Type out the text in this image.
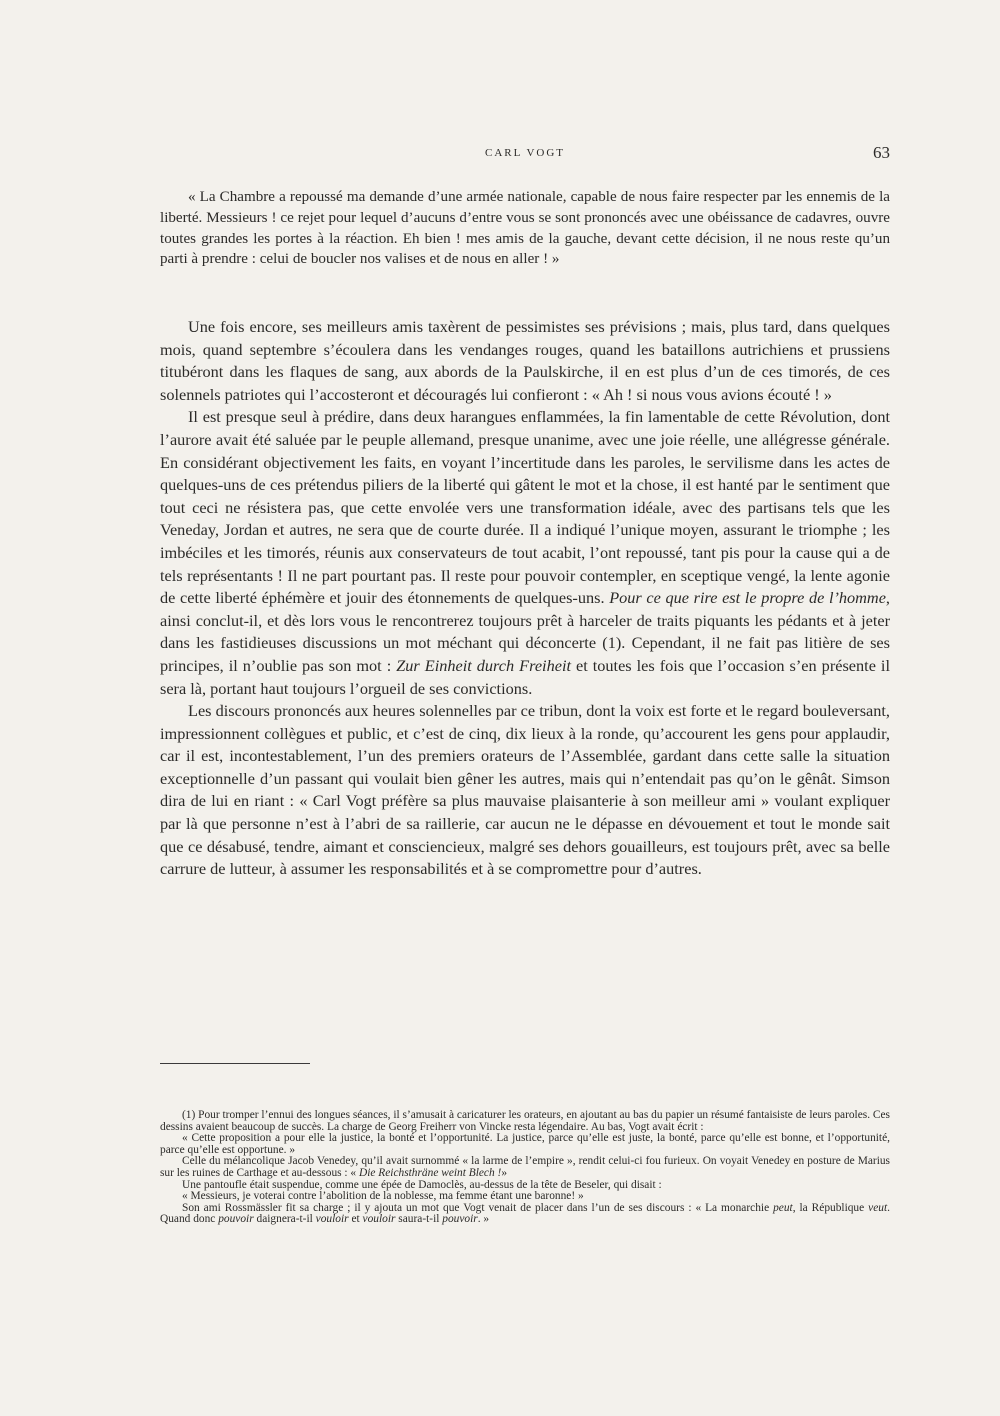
CARL VOGT	63

« La Chambre a repoussé ma demande d’une armée nationale, capable de nous faire respecter par les ennemis de la liberté. Messieurs ! ce rejet pour lequel d’aucuns d’entre vous se sont prononcés avec une obéissance de cadavres, ouvre toutes grandes les portes à la réaction. Eh bien ! mes amis de la gauche, devant cette décision, il ne nous reste qu’un parti à prendre : celui de boucler nos valises et de nous en aller ! »

Une fois encore, ses meilleurs amis taxèrent de pessimistes ses prévisions ; mais, plus tard, dans quelques mois, quand septembre s’écoulera dans les vendanges rouges, quand les bataillons autrichiens et prussiens titubéront dans les flaques de sang, aux abords de la Paulskirche, il en est plus d’un de ces timorés, de ces solennels patriotes qui l’accosteront et découragés lui confieront : « Ah ! si nous vous avions écouté ! »

Il est presque seul à prédire, dans deux harangues enflammées, la fin lamentable de cette Révolution, dont l’aurore avait été saluée par le peuple allemand, presque unanime, avec une joie réelle, une allégresse générale. En considérant objectivement les faits, en voyant l’incertitude dans les paroles, le servilisme dans les actes de quelques-uns de ces prétendus piliers de la liberté qui gâtent le mot et la chose, il est hanté par le sentiment que tout ceci ne résistera pas, que cette envolée vers une transformation idéale, avec des partisans tels que les Veneday, Jordan et autres, ne sera que de courte durée. Il a indiqué l’unique moyen, assurant le triomphe ; les imbéciles et les timorés, réunis aux conservateurs de tout acabit, l’ont repoussé, tant pis pour la cause qui a de tels représentants ! Il ne part pourtant pas. Il reste pour pouvoir contempler, en sceptique vengé, la lente agonie de cette liberté éphémère et jouir des étonnements de quelques-uns. Pour ce que rire est le propre de l’homme, ainsi conclut-il, et dès lors vous le rencontrerez toujours prêt à harceler de traits piquants les pédants et à jeter dans les fastidieuses discussions un mot méchant qui déconcerte (1). Cependant, il ne fait pas litière de ses principes, il n’oublie pas son mot : Zur Einheit durch Freiheit et toutes les fois que l’occasion s’en présente il sera là, portant haut toujours l’orgueil de ses convictions.

Les discours prononcés aux heures solennelles par ce tribun, dont la voix est forte et le regard bouleversant, impressionnent collègues et public, et c’est de cinq, dix lieux à la ronde, qu’accourent les gens pour applaudir, car il est, incontestablement, l’un des premiers orateurs de l’Assemblée, gardant dans cette salle la situation exceptionnelle d’un passant qui voulait bien gêner les autres, mais qui n’entendait pas qu’on le gênât. Simson dira de lui en riant : « Carl Vogt préfère sa plus mauvaise plaisanterie à son meilleur ami » voulant expliquer par là que personne n’est à l’abri de sa raillerie, car aucun ne le dépasse en dévouement et tout le monde sait que ce désabusé, tendre, aimant et consciencieux, malgré ses dehors gouailleurs, est toujours prêt, avec sa belle carrure de lutteur, à assumer les responsabilités et à se compromettre pour d’autres.

(1) Pour tromper l’ennui des longues séances, il s’amusait à caricaturer les orateurs, en ajoutant au bas du papier un résumé fantaisiste de leurs paroles. Ces dessins avaient beaucoup de succès. La charge de Georg Freiherr von Vincke resta légendaire. Au bas, Vogt avait écrit :

« Cette proposition a pour elle la justice, la bonté et l’opportunité. La justice, parce qu’elle est juste, la bonté, parce qu’elle est bonne, et l’opportunité, parce qu’elle est opportune. »

Celle du mélancolique Jacob Venedey, qu’il avait surnommé « la larme de l’empire », rendit celui-ci fou furieux. On voyait Venedey en posture de Marius sur les ruines de Carthage et au-dessous : « Die Reichsthräne weint Blech !»

Une pantoufle était suspendue, comme une épée de Damoclès, au-dessus de la tête de Beseler, qui disait :

« Messieurs, je voterai contre l’abolition de la noblesse, ma femme étant une baronne! »

Son ami Rossmässler fit sa charge ; il y ajouta un mot que Vogt venait de placer dans l’un de ses discours : « La monarchie peut, la République veut. Quand donc pouvoir daignera-t-il vouloir et vouloir saura-t-il pouvoir. »
